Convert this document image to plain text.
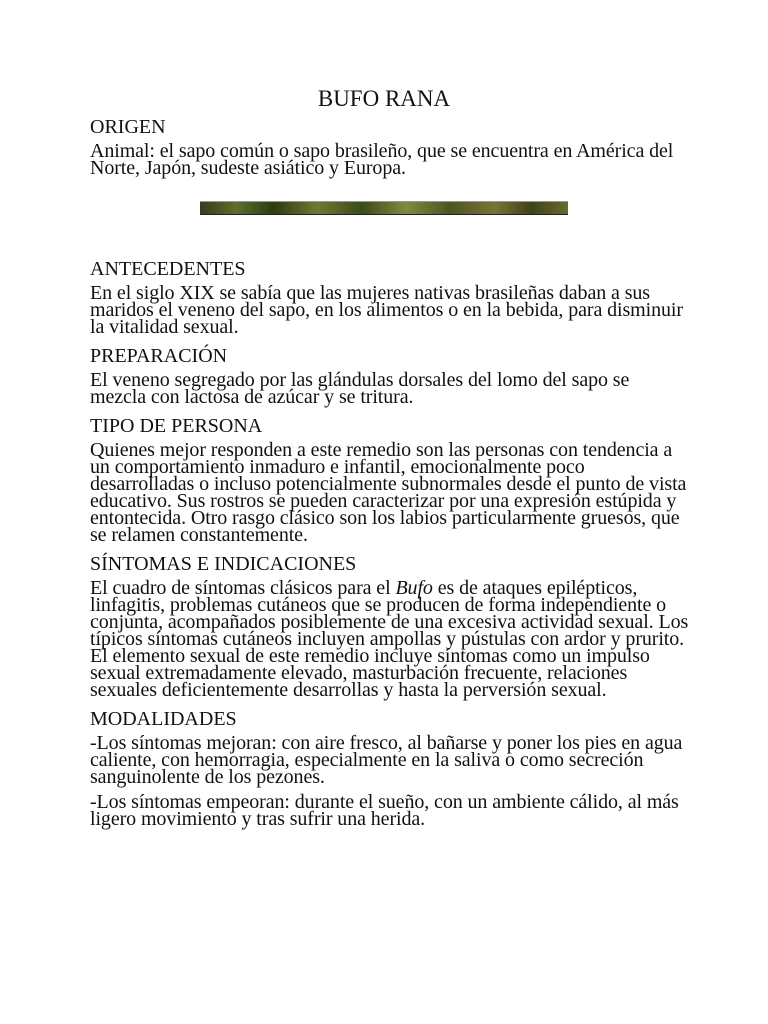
BUFO RANA
ORIGEN
Animal: el sapo común o sapo brasileño, que se encuentra en América del Norte, Japón, sudeste asiático y Europa.
ANTECEDENTES
En el siglo XIX se sabía que las mujeres nativas brasileñas daban a sus maridos el veneno del sapo, en los alimentos o en la bebida, para disminuir la vitalidad sexual.
PREPARACIÓN
El veneno segregado por las glándulas dorsales del lomo del sapo se mezcla con lactosa de azúcar y se tritura.
TIPO DE PERSONA
Quienes mejor responden a este remedio son las personas con tendencia a un comportamiento inmaduro e infantil, emocionalmente poco desarrolladas o incluso potencialmente subnormales desde el punto de vista educativo. Sus rostros se pueden caracterizar por una expresión estúpida y entontecida. Otro rasgo clásico son los labios particularmente gruesos, que se relamen constantemente.
SÍNTOMAS E INDICACIONES
El cuadro de síntomas clásicos para el Bufo es de ataques epilépticos, linfagitis, problemas cutáneos que se producen de forma independiente o conjunta, acompañados posiblemente de una excesiva actividad sexual. Los típicos síntomas cutáneos incluyen ampollas y pústulas con ardor y prurito. El elemento sexual de este remedio incluye síntomas como un impulso sexual extremadamente elevado, masturbación frecuente, relaciones sexuales deficientemente desarrollas y hasta la perversión sexual.
MODALIDADES
-Los síntomas mejoran: con aire fresco, al bañarse y poner los pies en agua caliente, con hemorragia, especialmente en la saliva o como secreción sanguinolente de los pezones.
-Los síntomas empeoran: durante el sueño, con un ambiente cálido, al más ligero movimiento y tras sufrir una herida.
